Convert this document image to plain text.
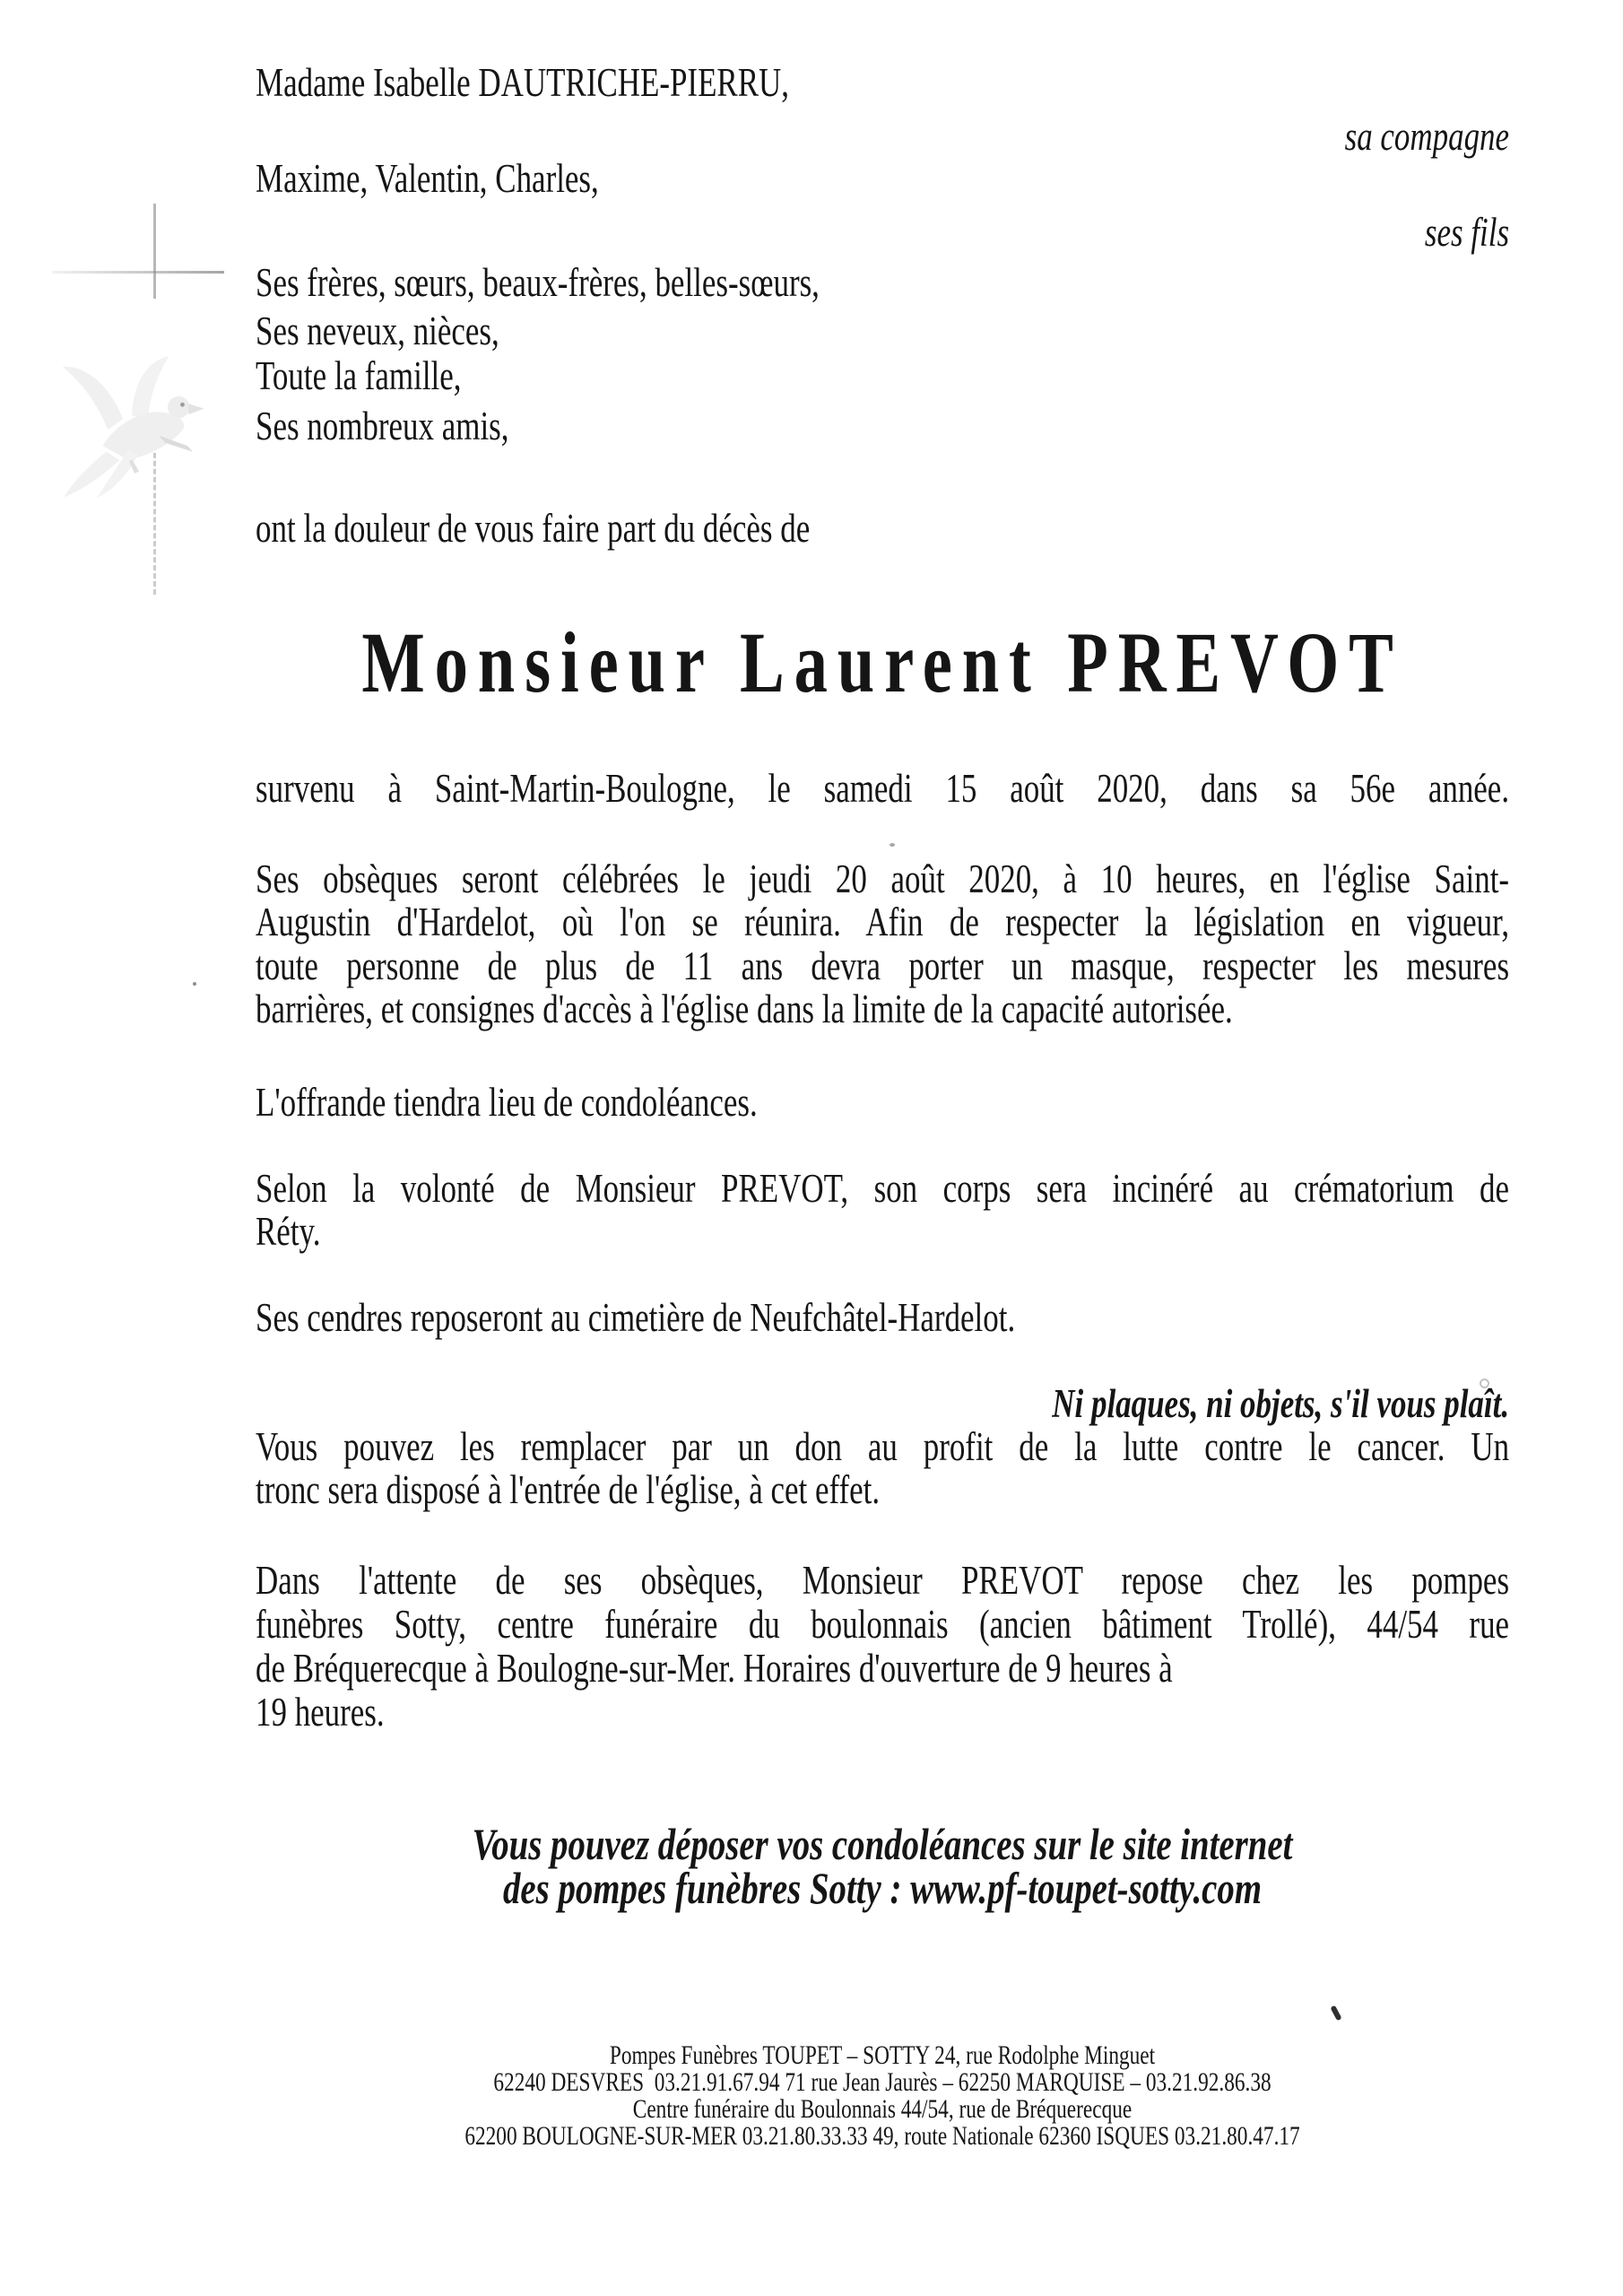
Madame Isabelle DAUTRICHE-PIERRU,
sa compagne
Maxime, Valentin, Charles,
ses fils
Ses frères, sœurs, beaux-frères, belles-sœurs,
Ses neveux, nièces,
Toute la famille,
Ses nombreux amis,
ont la douleur de vous faire part du décès de
Monsieur Laurent PREVOT
survenu à Saint-Martin-Boulogne, le samedi 15 août 2020, dans sa 56e année.
Ses obsèques seront célébrées le jeudi 20 août 2020, à 10 heures, en l'église Saint-
Augustin d'Hardelot, où l'on se réunira. Afin de respecter la législation en vigueur,
toute personne de plus de 11 ans devra porter un masque, respecter les mesures
barrières, et consignes d'accès à l'église dans la limite de la capacité autorisée.
L'offrande tiendra lieu de condoléances.
Selon la volonté de Monsieur PREVOT, son corps sera incinéré au crématorium de
Réty.
Ses cendres reposeront au cimetière de Neufchâtel-Hardelot.
Ni plaques, ni objets, s'il vous plaît.
Vous pouvez les remplacer par un don au profit de la lutte contre le cancer. Un
tronc sera disposé à l'entrée de l'église, à cet effet.
Dans l'attente de ses obsèques, Monsieur PREVOT repose chez les pompes
funèbres Sotty, centre funéraire du boulonnais (ancien bâtiment Trollé), 44/54 rue
de Bréquerecque à Boulogne-sur-Mer. Horaires d'ouverture de 9 heures à
19 heures.
Vous pouvez déposer vos condoléances sur le site internet
des pompes funèbres Sotty : www.pf-toupet-sotty.com
Pompes Funèbres TOUPET – SOTTY 24, rue Rodolphe Minguet
62240 DESVRES  03.21.91.67.94 71 rue Jean Jaurès – 62250 MARQUISE – 03.21.92.86.38
Centre funéraire du Boulonnais 44/54, rue de Bréquerecque
62200 BOULOGNE-SUR-MER 03.21.80.33.33 49, route Nationale 62360 ISQUES 03.21.80.47.17
